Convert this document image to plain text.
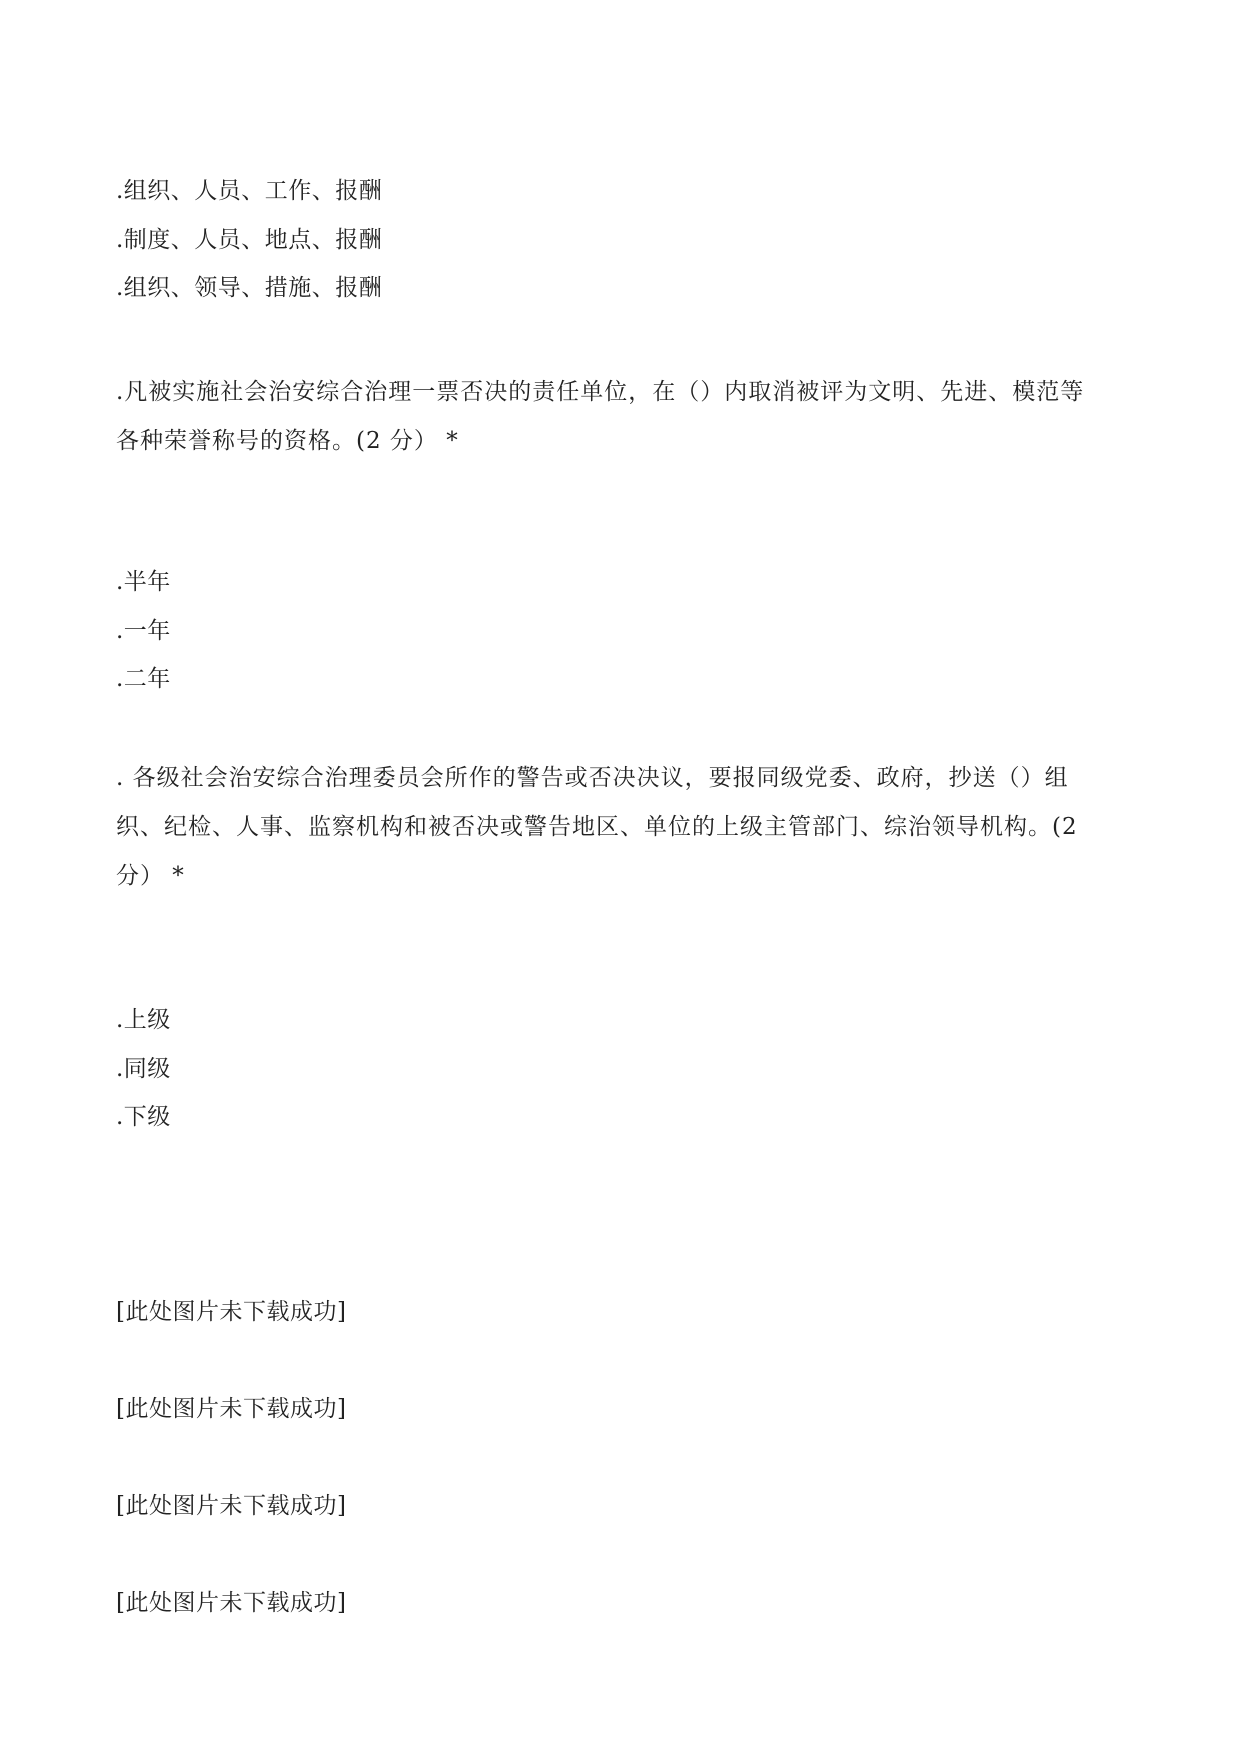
.组织、人员、工作、报酬
.制度、人员、地点、报酬
.组织、领导、措施、报酬
.凡被实施社会治安综合治理一票否决的责任单位，在（）内取消被评为文明、先进、模范等
各种荣誉称号的资格。(2 分） *
.半年
.一年
.二年
. 各级社会治安综合治理委员会所作的警告或否决决议，要报同级党委、政府，抄送（）组
织、纪检、人事、监察机构和被否决或警告地区、单位的上级主管部门、综治领导机构。(2
分） *
.上级
.同级
.下级
[此处图片未下载成功]
[此处图片未下载成功]
[此处图片未下载成功]
[此处图片未下载成功]
